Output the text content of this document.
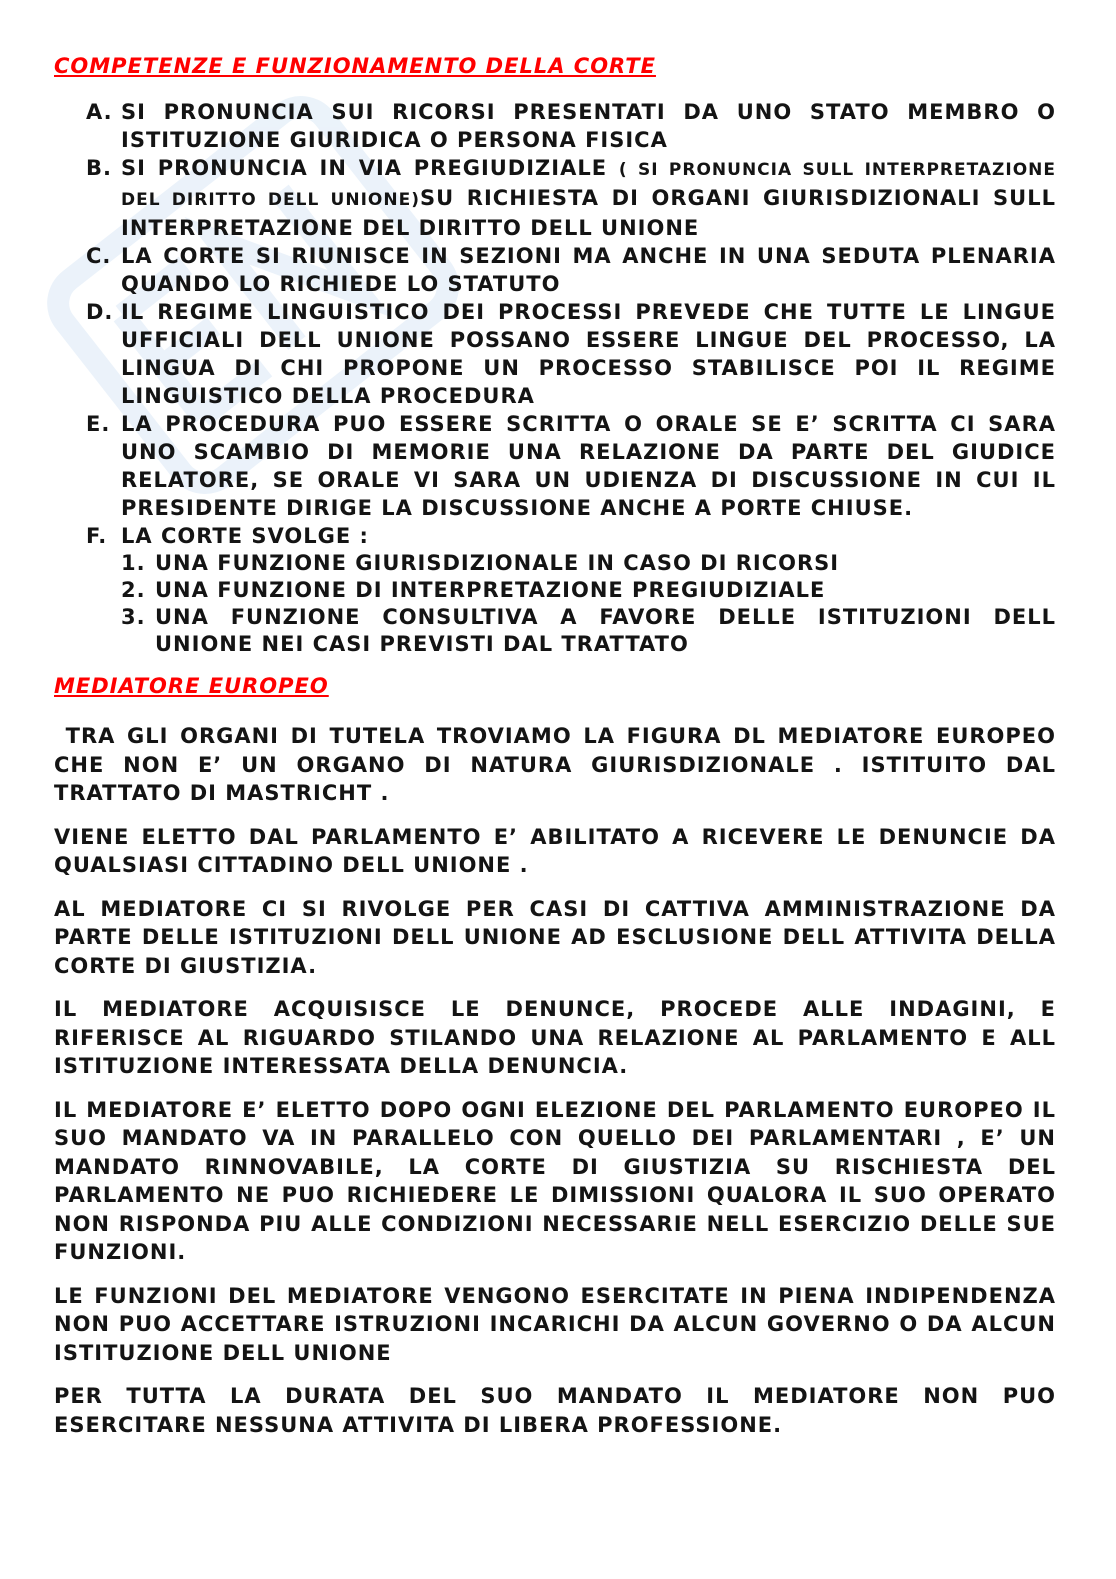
COMPETENZE E FUNZIONAMENTO DELLA CORTE
A. SI PRONUNCIA SUI RICORSI PRESENTATI DA UNO STATO MEMBRO O ISTITUZIONE GIURIDICA O PERSONA FISICA
B. SI PRONUNCIA IN VIA PREGIUDIZIALE ( SI PRONUNCIA SULL INTERPRETAZIONE DEL DIRITTO DELL UNIONE)SU RICHIESTA DI ORGANI GIURISDIZIONALI SULL INTERPRETAZIONE DEL DIRITTO DELL UNIONE
C. LA CORTE SI RIUNISCE IN SEZIONI MA ANCHE IN UNA SEDUTA PLENARIA QUANDO LO RICHIEDE LO STATUTO
D. IL REGIME LINGUISTICO DEI PROCESSI PREVEDE CHE TUTTE LE LINGUE UFFICIALI DELL UNIONE POSSANO ESSERE LINGUE DEL PROCESSO, LA LINGUA DI CHI PROPONE UN PROCESSO STABILISCE POI IL REGIME LINGUISTICO DELLA PROCEDURA
E. LA PROCEDURA PUO ESSERE SCRITTA O ORALE SE E’ SCRITTA CI SARA UNO SCAMBIO DI MEMORIE UNA RELAZIONE DA PARTE DEL GIUDICE RELATORE, SE ORALE VI SARA UN UDIENZA DI DISCUSSIONE IN CUI IL PRESIDENTE DIRIGE LA DISCUSSIONE ANCHE A PORTE CHIUSE.
F. LA CORTE SVOLGE :
1. UNA FUNZIONE GIURISDIZIONALE IN CASO DI RICORSI
2. UNA FUNZIONE DI INTERPRETAZIONE PREGIUDIZIALE
3. UNA FUNZIONE CONSULTIVA A FAVORE DELLE ISTITUZIONI DELL UNIONE NEI CASI PREVISTI DAL TRATTATO
MEDIATORE EUROPEO

TRA GLI ORGANI DI TUTELA TROVIAMO LA FIGURA DL MEDIATORE EUROPEO CHE NON E’ UN ORGANO DI NATURA GIURISDIZIONALE . ISTITUITO DAL TRATTATO DI MASTRICHT .

VIENE ELETTO DAL PARLAMENTO E’ ABILITATO A RICEVERE LE DENUNCIE DA QUALSIASI CITTADINO DELL UNIONE .

AL MEDIATORE CI SI RIVOLGE PER CASI DI CATTIVA AMMINISTRAZIONE DA PARTE DELLE ISTITUZIONI DELL UNIONE AD ESCLUSIONE DELL ATTIVITA DELLA CORTE DI GIUSTIZIA.

IL MEDIATORE ACQUISISCE LE DENUNCE, PROCEDE ALLE INDAGINI, E RIFERISCE AL RIGUARDO STILANDO UNA RELAZIONE AL PARLAMENTO E ALL ISTITUZIONE INTERESSATA DELLA DENUNCIA.

IL MEDIATORE E’ ELETTO DOPO OGNI ELEZIONE DEL PARLAMENTO EUROPEO IL SUO MANDATO VA IN PARALLELO CON QUELLO DEI PARLAMENTARI , E’ UN MANDATO RINNOVABILE, LA CORTE DI GIUSTIZIA SU RISCHIESTA DEL PARLAMENTO NE PUO RICHIEDERE LE DIMISSIONI QUALORA IL SUO OPERATO NON RISPONDA PIU ALLE CONDIZIONI NECESSARIE NELL ESERCIZIO DELLE SUE FUNZIONI.

LE FUNZIONI DEL MEDIATORE VENGONO ESERCITATE IN PIENA INDIPENDENZA NON PUO ACCETTARE ISTRUZIONI INCARICHI DA ALCUN GOVERNO O DA ALCUN ISTITUZIONE DELL UNIONE

PER TUTTA LA DURATA DEL SUO MANDATO IL MEDIATORE NON PUO ESERCITARE NESSUNA ATTIVITA DI LIBERA PROFESSIONE.
